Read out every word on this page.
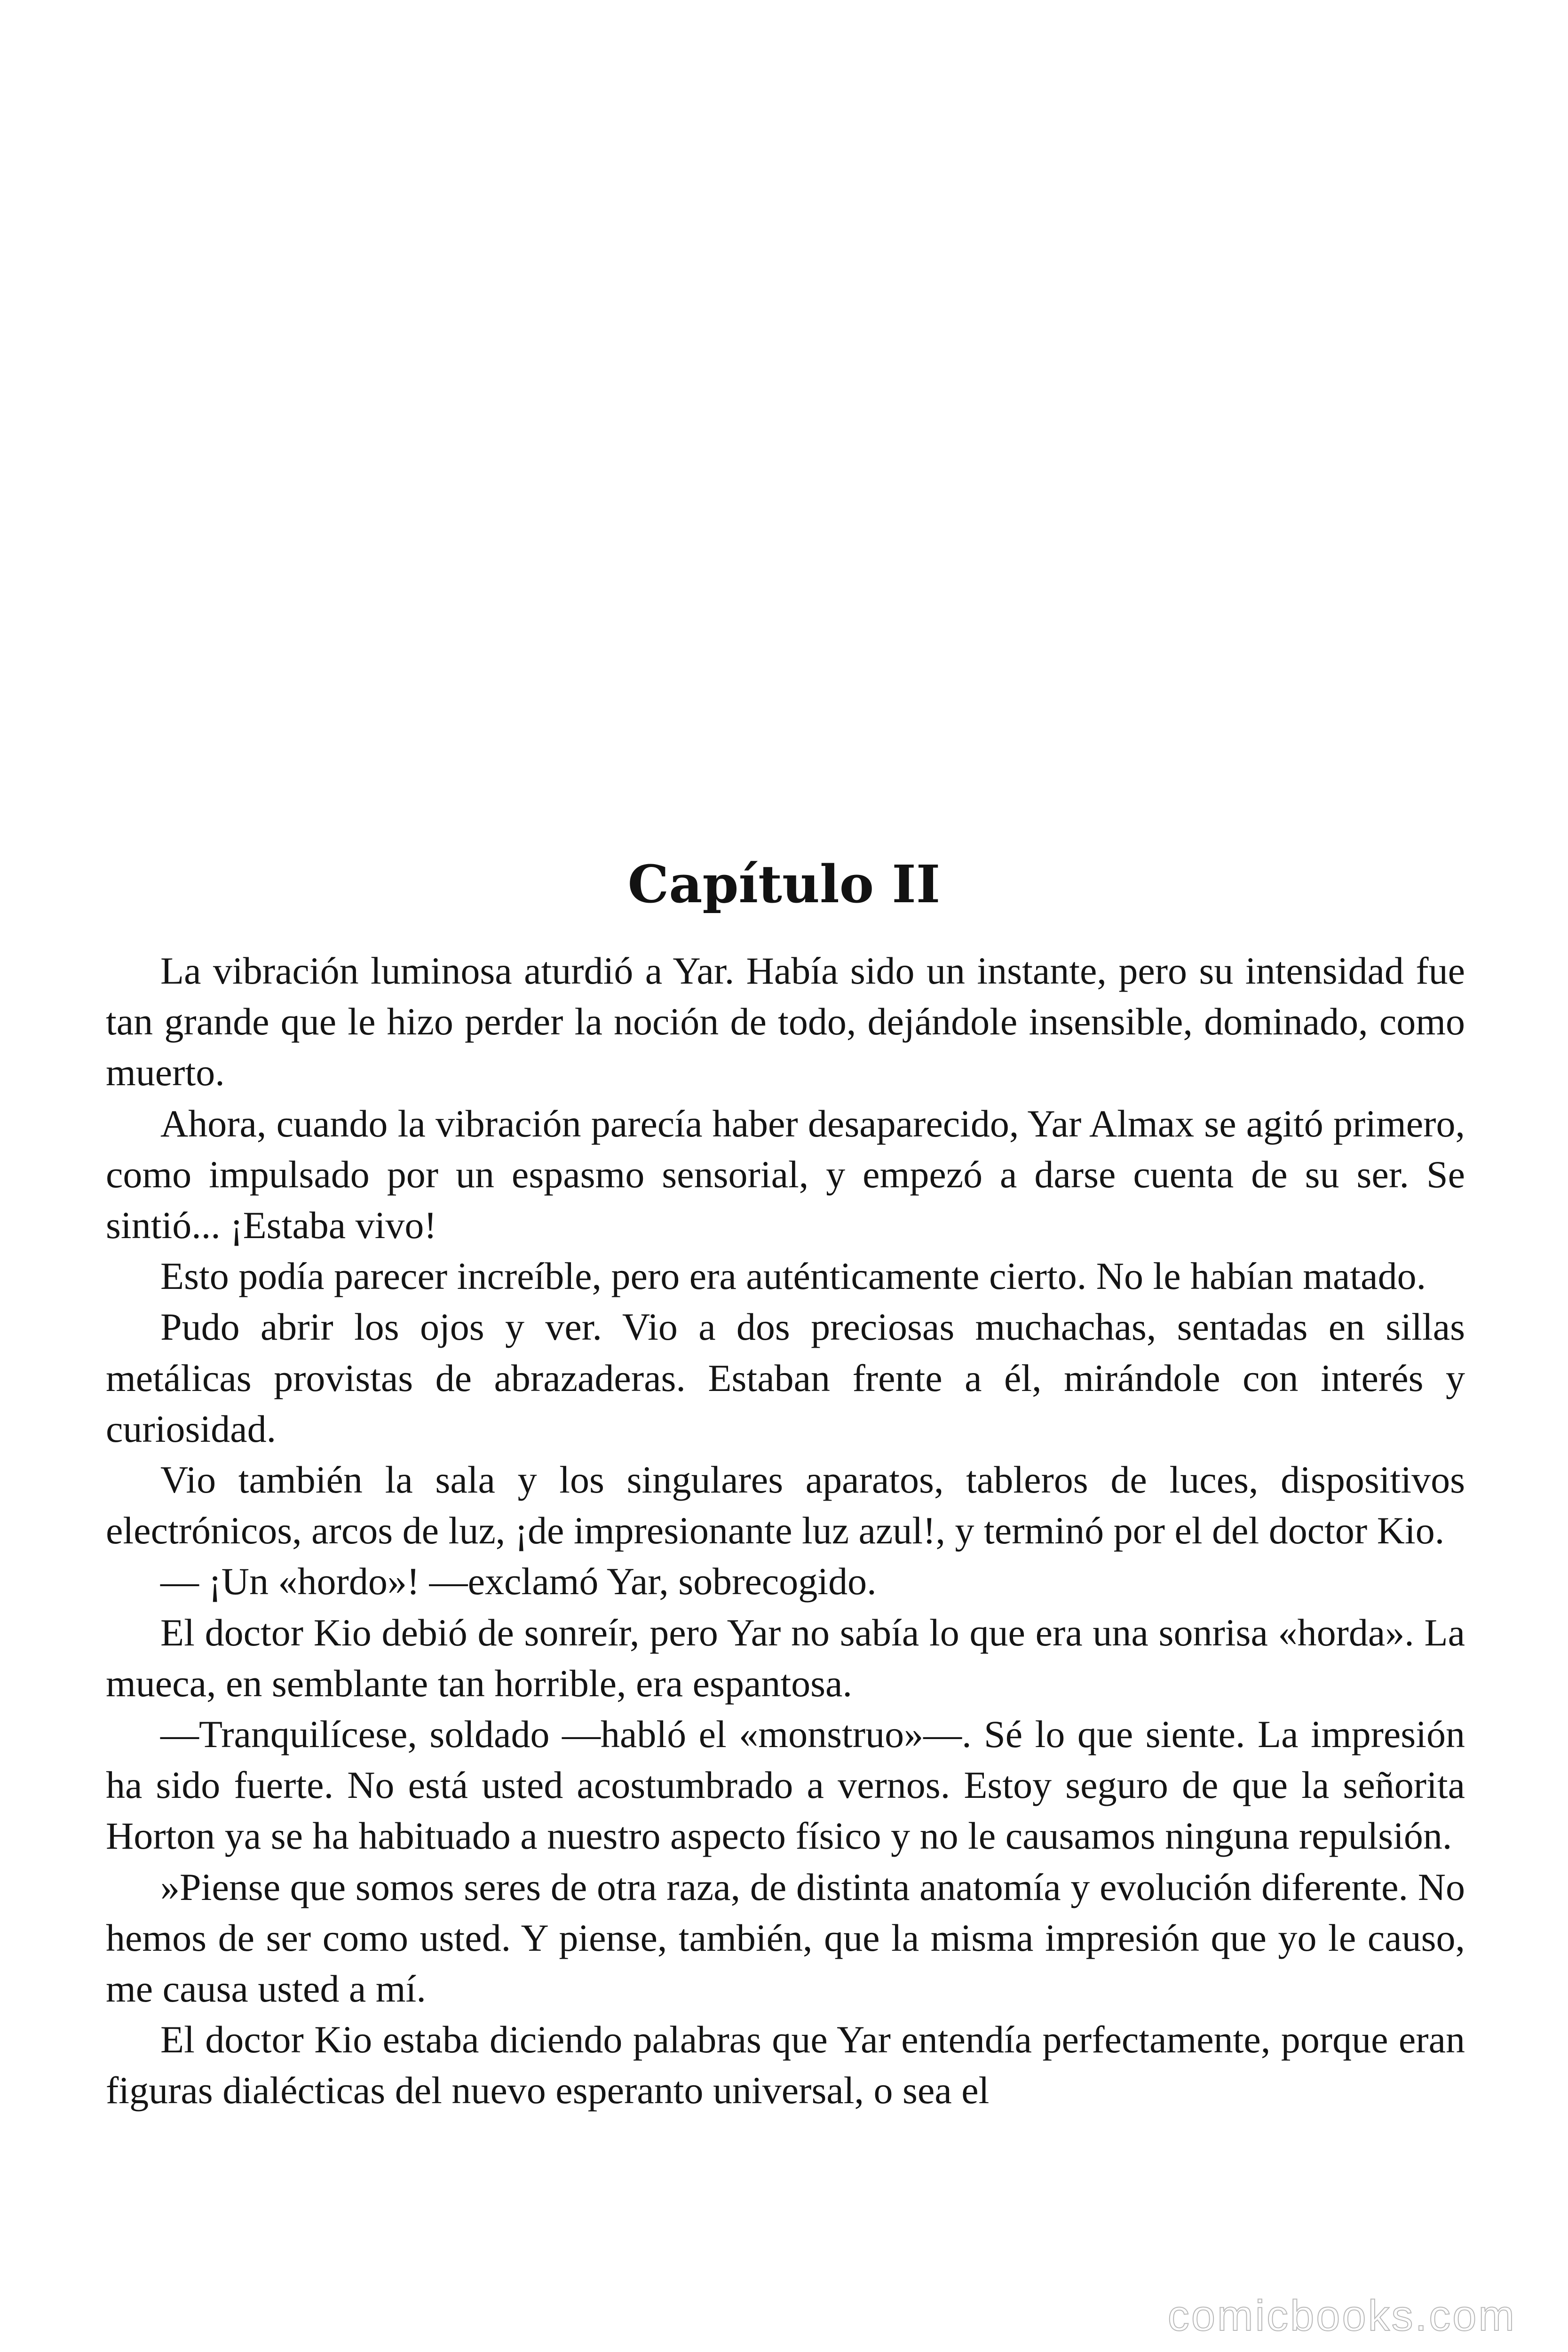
Capítulo II

La vibración luminosa aturdió a Yar. Había sido un instante, pero su intensidad fue tan grande que le hizo perder la noción de todo, dejándole insensible, dominado, como muerto.

Ahora, cuando la vibración parecía haber desaparecido, Yar Almax se agitó primero, como impulsado por un espasmo sensorial, y empezó a darse cuenta de su ser. Se sintió... ¡Estaba vivo!

Esto podía parecer increíble, pero era auténticamente cierto. No le habían matado.

Pudo abrir los ojos y ver. Vio a dos preciosas muchachas, sentadas en sillas metálicas provistas de abrazaderas. Estaban frente a él, mirándole con interés y curiosidad.

Vio también la sala y los singulares aparatos, tableros de luces, dispositivos electrónicos, arcos de luz, ¡de impresionante luz azul!, y terminó por el del doctor Kio.

— ¡Un «hordo»! —exclamó Yar, sobrecogido.

El doctor Kio debió de sonreír, pero Yar no sabía lo que era una sonrisa «horda». La mueca, en semblante tan horrible, era espantosa.

—Tranquilícese, soldado —habló el «monstruo»—. Sé lo que siente. La impresión ha sido fuerte. No está usted acostumbrado a vernos. Estoy seguro de que la señorita Horton ya se ha habituado a nuestro aspecto físico y no le causamos ninguna repulsión.

»Piense que somos seres de otra raza, de distinta anatomía y evolución diferente. No hemos de ser como usted. Y piense, también, que la misma impresión que yo le causo, me causa usted a mí.

El doctor Kio estaba diciendo palabras que Yar entendía perfectamente, porque eran figuras dialécticas del nuevo esperanto universal, o sea el

comicbooks.com
